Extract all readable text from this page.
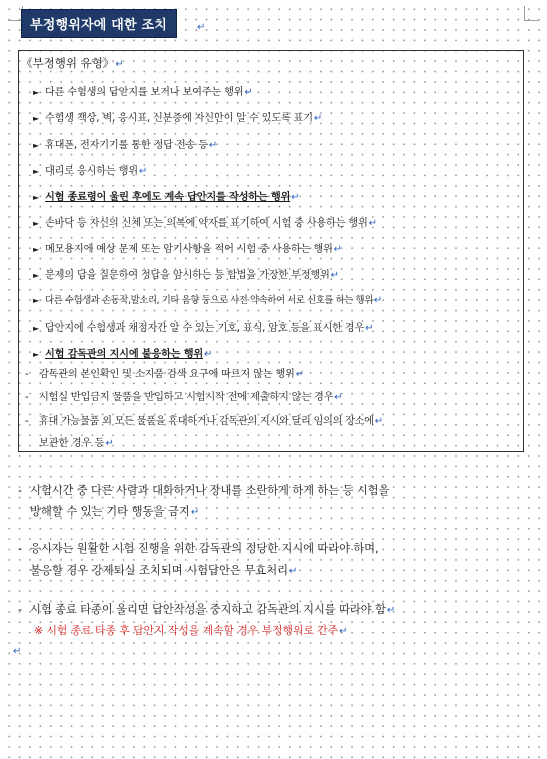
부정행위자에 대한 조치	↵
《부정행위 유형》↵
► 다른 수험생의 답안지를 보거나 보여주는 행위↵
► 수험생 책상, 벽, 응시표, 신분증에 자신만이 알 수 있도록 표기↵
► 휴대폰, 전자기기를 통한 정답 전송 등↵
► 대리로 응시하는 행위↵
► 시험 종료령이 울린 후에도 계속 답안지를 작성하는 행위↵
► 손바닥 등 자신의 신체 또는 의복에 약자를 표기하여 시험 중 사용하는 행위↵
► 메모용지에 예상 문제 또는 암기사항을 적어 시험 중 사용하는 행위↵
► 문제의 답을 질문하여 정답을 암시하는 등 합법을 가장한 부정행위↵
► 다른 수험생과 손동작,발소리, 기타 음향 등으로 사전 약속하여 서로 신호를 하는 행위↵
► 답안지에 수험생과 채점자간 알 수 있는 기호, 표식, 암호 등을 표시한 경우↵
► 시험 감독관의 지시에 불응하는 행위↵
- 감독관의 본인확인 및 소지품 검색 요구에 따르지 않는 행위↵
- 시험실 반입금지 물품을 반입하고 시험시작 전에 제출하지 않는 경우↵
- 휴대 가능물품 외 모든 물품을 휴대하거나 감독관의 지시와 달리 임의의 장소에↵
보관한 경우 등↵
- 시험시간 중 다른 사람과 대화하거나 장내를 소란하게 하게 하는 등 시험을
방해할 수 있는 기타 행동을 금지↵
- 응시자는 원활한 시험 진행을 위한 감독관의 정당한 지시에 따라야 하며,
불응할 경우 강제퇴실 조치되며 시험답안은 무효처리↵
- 시험 종료 타종이 울리면 답안작성을 중지하고 감독관의 지시를 따라야 함↵
※ 시험 종료 타종 후 답안지 작성을 계속할 경우 부정행위로 간주↵
↵
